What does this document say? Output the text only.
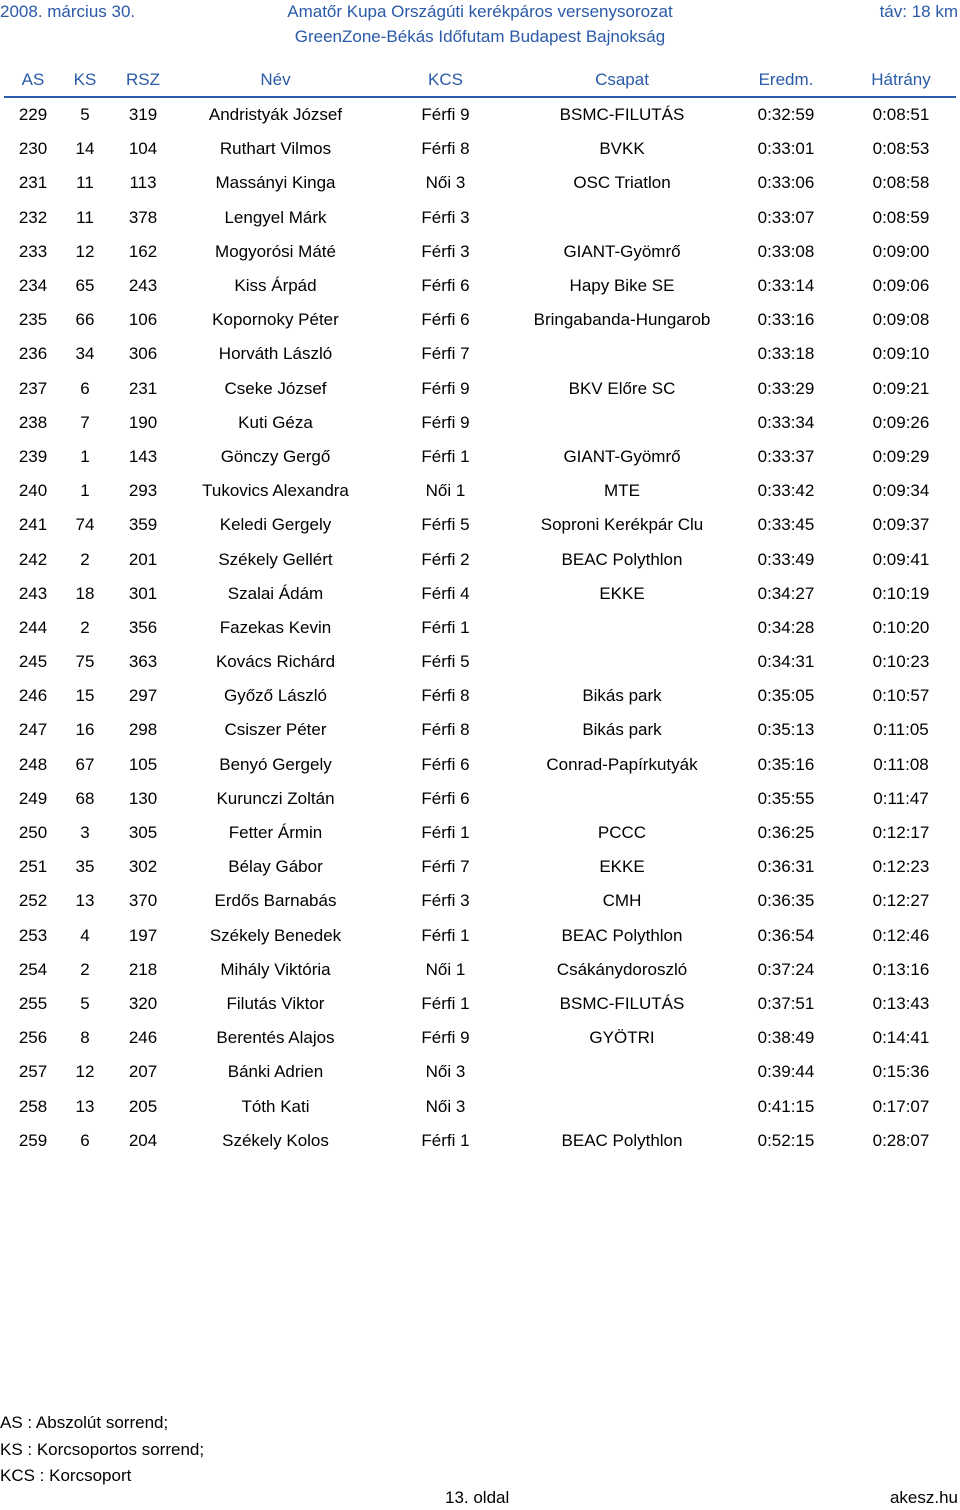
2008. március 30.	Amatőr Kupa Országúti kerékpáros versenysorozat
GreenZone-Békás Időfutam Budapest Bajnokság
táv: 18 km
AS	KS	RSZ	Név	KCS	Csapat	Eredm.	Hátrány
229	5	319	Andristyák József	Férfi 9	BSMC-FILUTÁS	0:32:59	0:08:51
230	14	104	Ruthart Vilmos	Férfi 8	BVKK	0:33:01	0:08:53
231	11	113	Massányi Kinga	Női 3	OSC Triatlon	0:33:06	0:08:58
232	11	378	Lengyel Márk	Férfi 3		0:33:07	0:08:59
233	12	162	Mogyorósi Máté	Férfi 3	GIANT-Gyömrő	0:33:08	0:09:00
234	65	243	Kiss Árpád	Férfi 6	Hapy Bike SE	0:33:14	0:09:06
235	66	106	Kopornoky Péter	Férfi 6	Bringabanda-Hungarob	0:33:16	0:09:08
236	34	306	Horváth László	Férfi 7		0:33:18	0:09:10
237	6	231	Cseke József	Férfi 9	BKV Előre SC	0:33:29	0:09:21
238	7	190	Kuti Géza	Férfi 9		0:33:34	0:09:26
239	1	143	Gönczy Gergő	Férfi 1	GIANT-Gyömrő	0:33:37	0:09:29
240	1	293	Tukovics Alexandra	Női 1	MTE	0:33:42	0:09:34
241	74	359	Keledi Gergely	Férfi 5	Soproni Kerékpár Clu	0:33:45	0:09:37
242	2	201	Székely Gellért	Férfi 2	BEAC Polythlon	0:33:49	0:09:41
243	18	301	Szalai Ádám	Férfi 4	EKKE	0:34:27	0:10:19
244	2	356	Fazekas Kevin	Férfi 1		0:34:28	0:10:20
245	75	363	Kovács Richárd	Férfi 5		0:34:31	0:10:23
246	15	297	Győző László	Férfi 8	Bikás park	0:35:05	0:10:57
247	16	298	Csiszer Péter	Férfi 8	Bikás park	0:35:13	0:11:05
248	67	105	Benyó Gergely	Férfi 6	Conrad-Papírkutyák	0:35:16	0:11:08
249	68	130	Kurunczi Zoltán	Férfi 6		0:35:55	0:11:47
250	3	305	Fetter Ármin	Férfi 1	PCCC	0:36:25	0:12:17
251	35	302	Bélay Gábor	Férfi 7	EKKE	0:36:31	0:12:23
252	13	370	Erdős Barnabás	Férfi 3	CMH	0:36:35	0:12:27
253	4	197	Székely Benedek	Férfi 1	BEAC Polythlon	0:36:54	0:12:46
254	2	218	Mihály Viktória	Női 1	Csákánydoroszló	0:37:24	0:13:16
255	5	320	Filutás Viktor	Férfi 1	BSMC-FILUTÁS	0:37:51	0:13:43
256	8	246	Berentés Alajos	Férfi 9	GYÖTRI	0:38:49	0:14:41
257	12	207	Bánki Adrien	Női 3		0:39:44	0:15:36
258	13	205	Tóth Kati	Női 3		0:41:15	0:17:07
259	6	204	Székely Kolos	Férfi 1	BEAC Polythlon	0:52:15	0:28:07
AS : Abszolút sorrend;
KS : Korcsoportos sorrend;
KCS : Korcsoport
13. oldal	akesz.hu
